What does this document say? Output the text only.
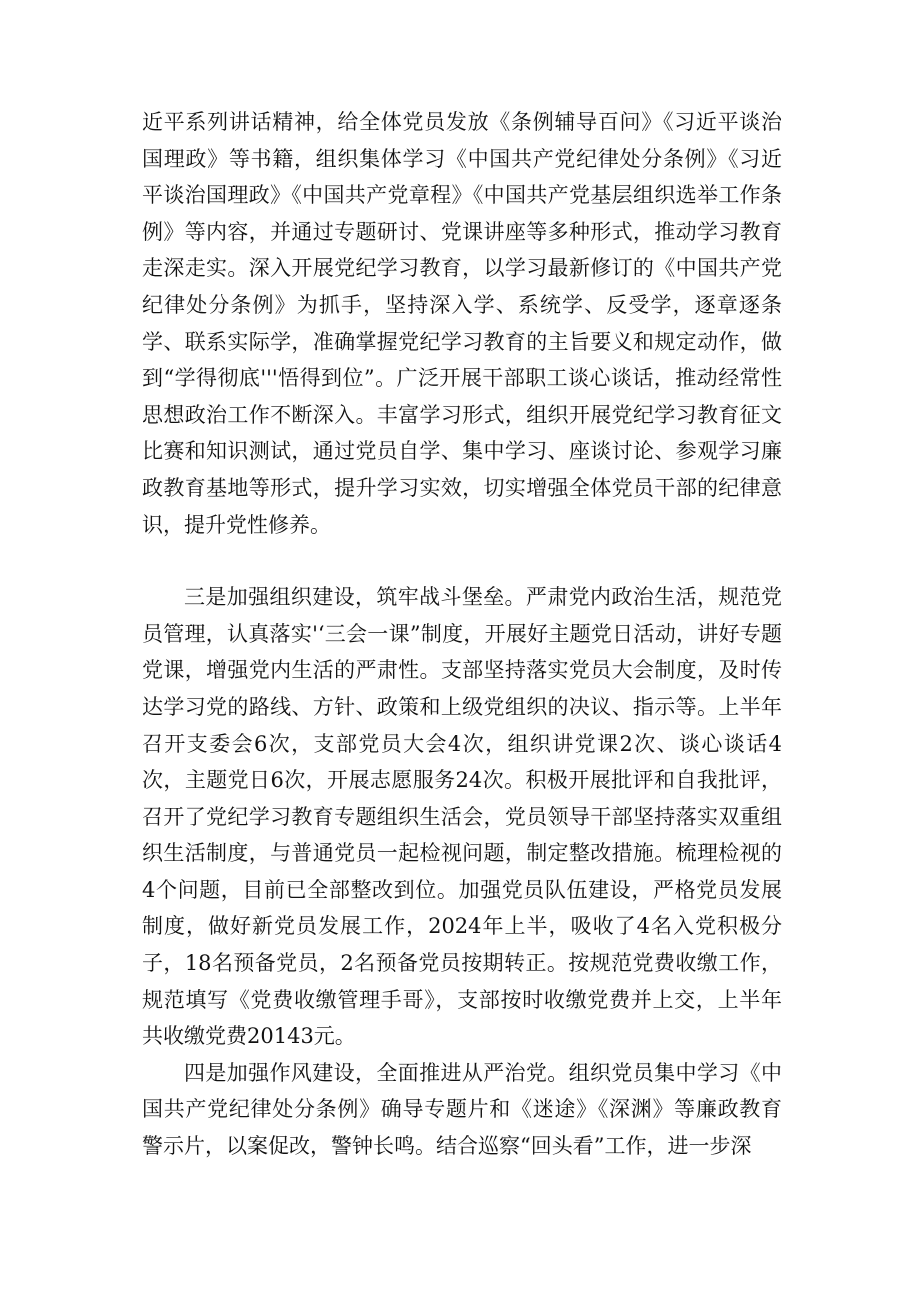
近平系列讲话精神，给全体党员发放《条例辅导百问》《习近平谈治国理政》等书籍，组织集体学习《中国共产党纪律处分条例》《习近平谈治国理政》《中国共产党章程》《中国共产党基层组织选举工作条例》等内容，并通过专题研讨、党课讲座等多种形式，推动学习教育走深走实。深入开展党纪学习教育，以学习最新修订的《中国共产党纪律处分条例》为抓手，坚持深入学、系统学、反受学，逐章逐条学、联系实际学，准确掌握党纪学习教育的主旨要义和规定动作，做到“学得彻底'''悟得到位”。广泛开展干部职工谈心谈话，推动经常性思想政治工作不断深入。丰富学习形式，组织开展党纪学习教育征文比赛和知识测试，通过党员自学、集中学习、座谈讨论、参观学习廉政教育基地等形式，提升学习实效，切实增强全体党员干部的纪律意识，提升党性修养。

三是加强组织建设，筑牢战斗堡垒。严肃党内政治生活，规范党员管理，认真落实'‘三会一课”制度，开展好主题党日活动，讲好专题党课，增强党内生活的严肃性。支部坚持落实党员大会制度，及时传达学习党的路线、方针、政策和上级党组织的决议、指示等。上半年召开支委会6次，支部党员大会4次，组织讲党课2次、谈心谈话4次，主题党日6次，开展志愿服务24次。积极开展批评和自我批评，召开了党纪学习教育专题组织生活会，党员领导干部坚持落实双重组织生活制度，与普通党员一起检视问题，制定整改措施。梳理检视的4个问题，目前已全部整改到位。加强党员队伍建设，严格党员发展制度，做好新党员发展工作，2024年上半，吸收了4名入党积极分子，18名预备党员，2名预备党员按期转正。按规范党费收缴工作，规范填写《党费收缴管理手哥》，支部按时收缴党费并上交，上半年共收缴党费20143元。

四是加强作风建设，全面推进从严治党。组织党员集中学习《中国共产党纪律处分条例》确导专题片和《迷途》《深渊》等廉政教育警示片，以案促改，警钟长鸣。结合巡察“回头看”工作，进一步深
